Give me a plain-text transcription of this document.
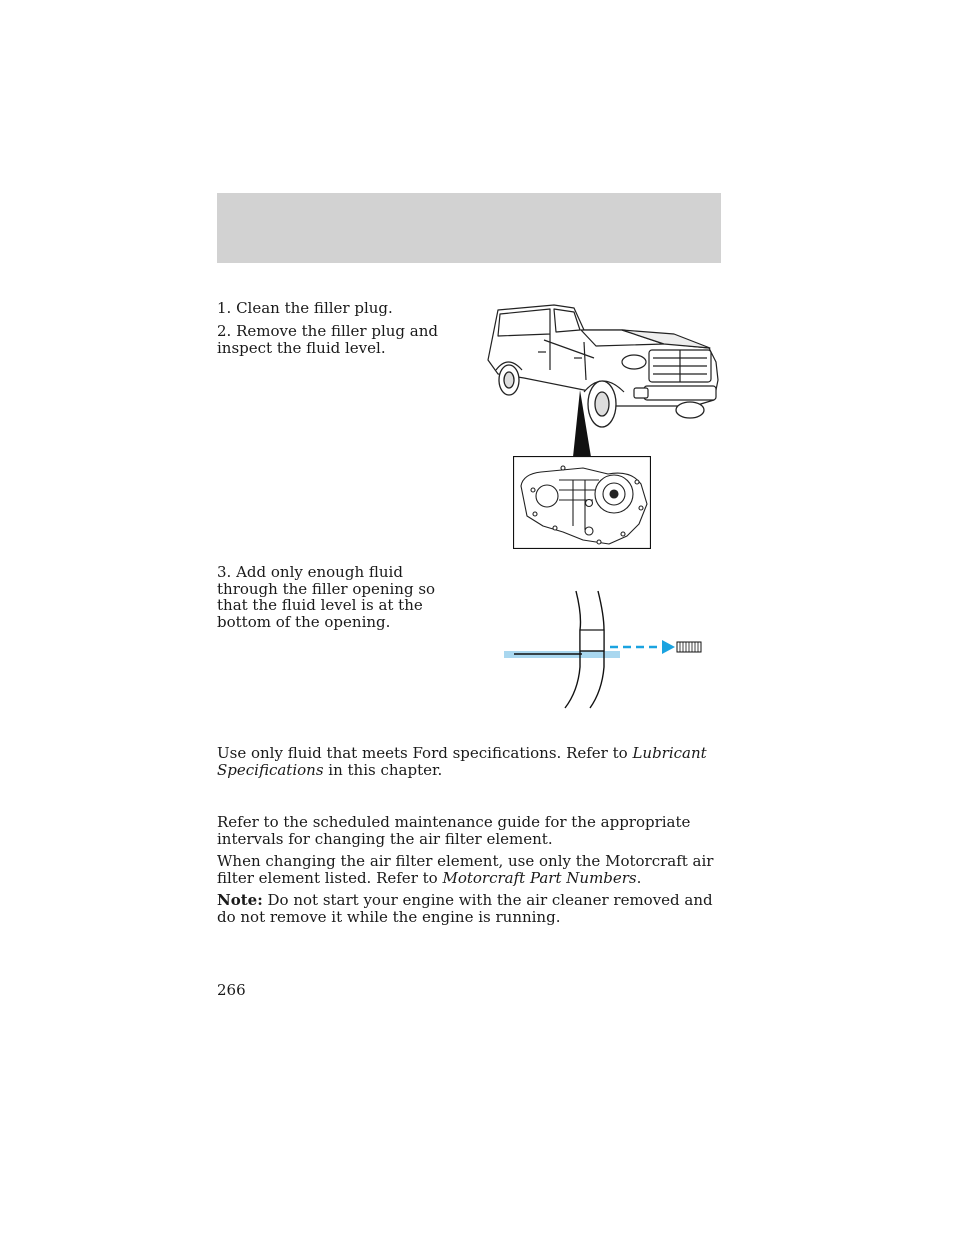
1. Clean the filler plug.

2. Remove the filler plug and inspect the fluid level.

3. Add only enough fluid through the filler opening so that the fluid level is at the bottom of the opening.

Use only fluid that meets Ford specifications. Refer to Lubricant Specifications in this chapter.

Refer to the scheduled maintenance guide for the appropriate intervals for changing the air filter element.

When changing the air filter element, use only the Motorcraft air filter element listed. Refer to Motorcraft Part Numbers.

Note: Do not start your engine with the air cleaner removed and do not remove it while the engine is running.

266
